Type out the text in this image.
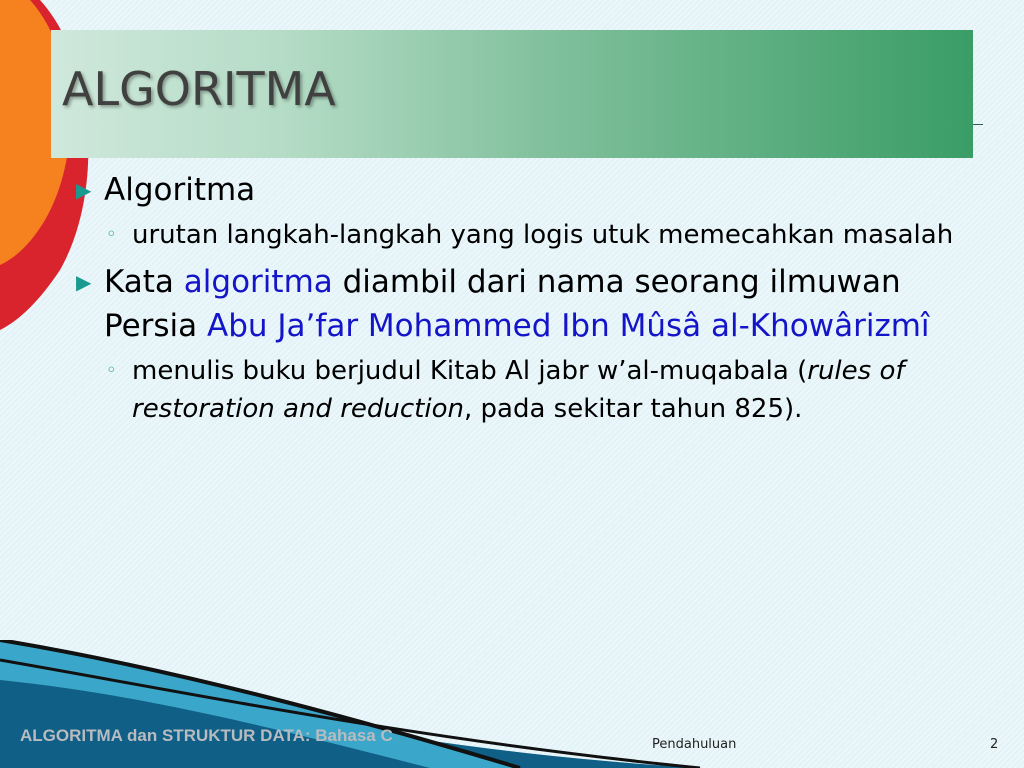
ALGORITMA
▶ Algoritma
◦ urutan langkah-langkah yang logis utuk memecahkan masalah
▶ Kata algoritma diambil dari nama seorang ilmuwan Persia Abu Ja’far Mohammed Ibn Mûsâ al-Khowârizmî
◦ menulis buku berjudul Kitab Al jabr w’al-muqabala (rules of restoration and reduction, pada sekitar tahun 825).

ALGORITMA dan STRUKTUR DATA: Bahasa C	Pendahuluan	2
